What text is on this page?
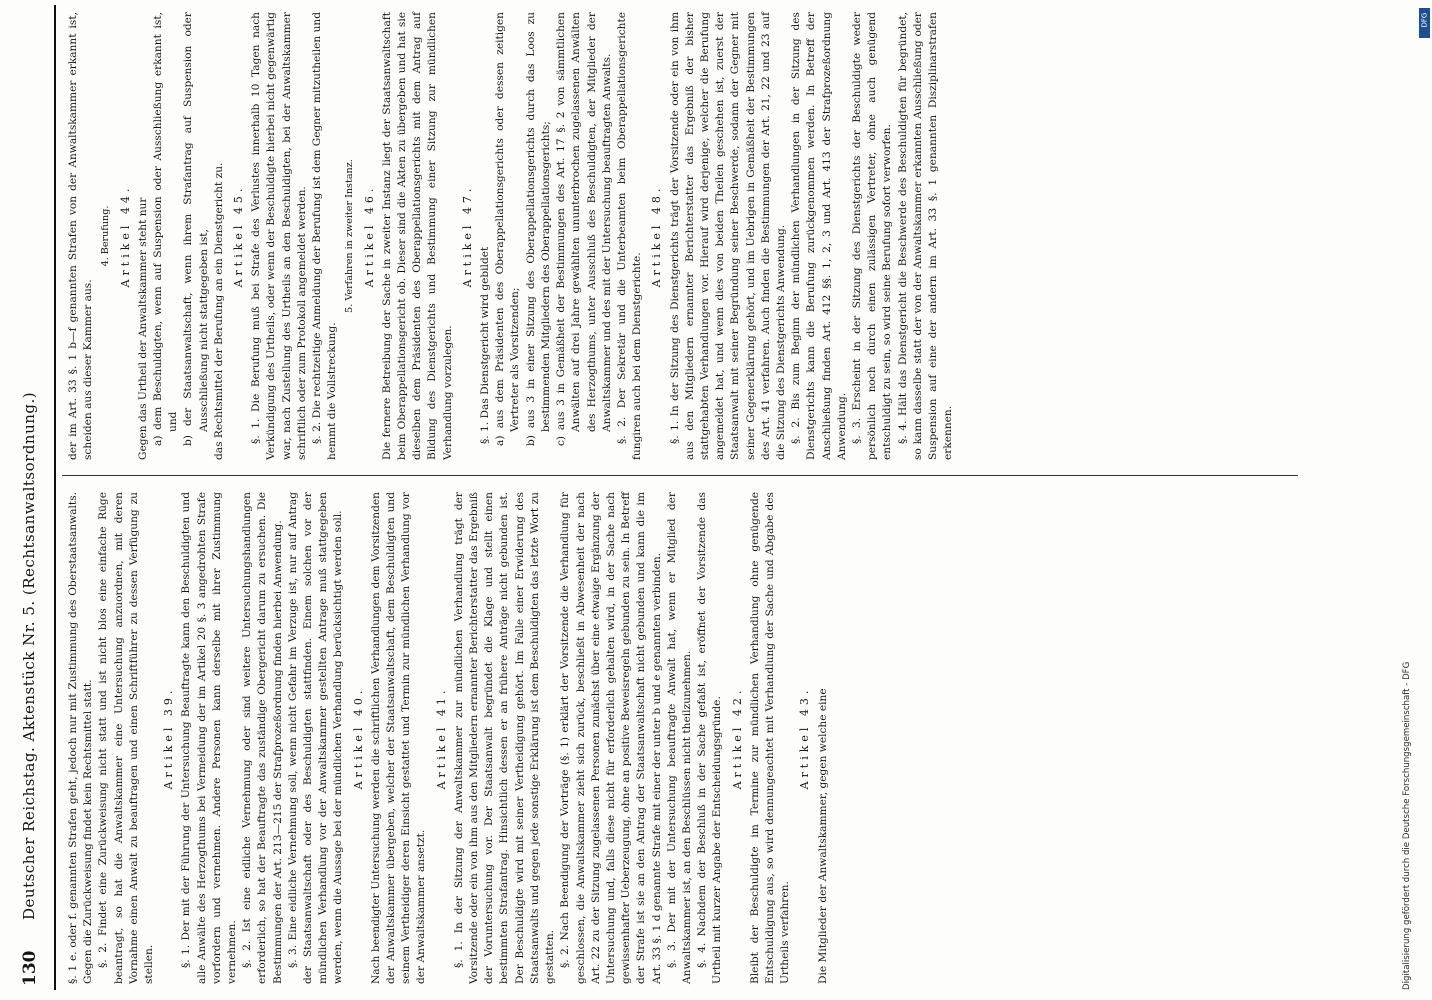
130
Deutscher Reichstag. Aktenstück Nr. 5. (Rechtsanwaltsordnung.)	§. 1 e. oder f. genannten Strafen geht, jedoch nur mit Zustimmung des Oberstaatsanwalts. Gegen die Zurückweisung findet kein Rechtsmittel statt. §. 2. Findet eine Zurückweisung nicht statt und ist nicht blos eine einfache Rüge beantragt, so hat die Anwaltskammer eine Untersuchung anzuordnen, mit deren Vornahme einen Anwalt zu beauftragen und einen Schriftführer zu dessen Verfügung zu stellen.

Artikel 39. §. 1. Der mit der Führung der Untersuchung Beauftragte kann den Beschuldigten und alle Anwälte des Herzogthums bei Vermeidung der im Artikel 20 §. 3 angedrohten Strafe vorfordern und vernehmen. Andere Personen kann derselbe mit ihrer Zustimmung vernehmen. §. 2. Ist eine eidliche Vernehmung oder sind weitere Untersuchungshandlungen erforderlich, so hat der Beauftragte das zuständige Obergericht darum zu ersuchen. Die Bestimmungen der Art. 213—215 der Strafprozeßordnung finden hierbei Anwendung. §. 3. Eine eidliche Vernehmung soll, wenn nicht Gefahr im Verzuge ist, nur auf Antrag der Staatsanwaltschaft oder des Beschuldigten stattfinden. Einem solchen vor der mündlichen Verhandlung vor der Anwaltskammer gestellten Antrage muß stattgegeben werden, wenn die Aussage bei der mündlichen Verhandlung berücksichtigt werden soll. Artikel 40. Nach beendigter Untersuchung werden die schriftlichen Verhandlungen dem Vorsitzenden der Anwaltskammer übergeben, welcher der Staatsanwaltschaft, dem Beschuldigten und seinem Vertheidiger deren Einsicht gestattet und Termin zur mündlichen Verhandlung vor der Anwaltskammer ansetzt.

Artikel 41. §. 1. In der Sitzung der Anwaltskammer zur mündlichen Verhandlung trägt der Vorsitzende oder ein von ihm aus den Mitgliedern ernannter Berichterstatter das Ergebniß der Voruntersuchung vor. Der Staatsanwalt begründet die Klage und stellt einen bestimmten Strafantrag. Hinsichtlich dessen er an frühere Anträge nicht gebunden ist. Der Beschuldigte wird mit seiner Vertheidigung gehört. Im Falle einer Erwiderung des Staatsanwalts und gegen jede sonstige Erklärung ist dem Beschuldigten das letzte Wort zu gestatten. §. 2. Nach Beendigung der Vorträge (§. 1) erklärt der Vorsitzende die Verhandlung für geschlossen, die Anwaltskammer zieht sich zurück, beschließt in Abwesenheit der nach Art. 22 zu der Sitzung zugelassenen Personen zunächst über eine etwaige Ergänzung der Untersuchung und, falls diese nicht für erforderlich gehalten wird, in der Sache nach gewissenhafter Ueberzeugung, ohne an positive Beweisregeln gebunden zu sein. In Betreff der Strafe ist sie an den Antrag der Staatsanwaltschaft nicht gebunden und kann die im Art. 33 §. 1 d genannte Strafe mit einer der unter b und e genannten verbinden. §. 3. Der mit der Untersuchung beauftragte Anwalt hat, wenn er Mitglied der Anwaltskammer ist, an den Beschlüssen nicht theilzunehmen. §. 4. Nachdem der Beschluß in der Sache gefaßt ist, eröffnet der Vorsitzende das Urtheil mit kurzer Angabe der Entscheidungsgründe. Artikel 42. Bleibt der Beschuldigte im Termine zur mündlichen Verhandlung ohne genügende Entschuldigung aus, so wird dennungeachtet mit Verhandlung der Sache und Abgabe des Urtheils verfahren.

Artikel 43. Die Mitglieder der Anwaltskammer, gegen welche eine

der im Art. 33 §. 1 b—f genannten Strafen von der Anwaltskammer erkannt ist, scheiden aus dieser Kammer aus.

4. Berufung. Artikel 44. Gegen das Urtheil der Anwaltskammer steht nur a) dem Beschuldigten, wenn auf Suspension oder Ausschließung erkannt ist, und b) der Staatsanwaltschaft, wenn ihrem Strafantrag auf Suspension oder Ausschließung nicht stattgegeben ist, das Rechtsmittel der Berufung an ein Dienstgericht zu. Artikel 45. §. 1. Die Berufung muß bei Strafe des Verlustes innerhalb 10 Tagen nach Verkündigung des Urtheils, oder wenn der Beschuldigte hierbei nicht gegenwärtig war, nach Zustellung des Urtheils an den Beschuldigten, bei der Anwaltskammer schriftlich oder zum Protokoll angemeldet werden. §. 2. Die rechtzeitige Anmeldung der Berufung ist dem Gegner mitzutheilen und hemmt die Vollstreckung.

5. Verfahren in zweiter Instanz. Artikel 46. Die fernere Betreibung der Sache in zweiter Instanz liegt der Staatsanwaltschaft beim Oberappellationsgericht ob. Dieser sind die Akten zu übergeben und hat sie dieselben dem Präsidenten des Oberappellationsgerichts mit dem Antrag auf Bildung des Dienstgerichts und Bestimmung einer Sitzung zur mündlichen Verhandlung vorzulegen.

Artikel 47.

§. 1. Das Dienstgericht wird gebildet a) aus dem Präsidenten des Oberappellationsgerichts oder dessen zeitigen Vertreter als Vorsitzenden; b) aus 3 in einer Sitzung des Oberappellationsgerichts durch das Loos zu bestimmenden Mitgliedern des Oberappellationsgerichts; c) aus 3 in Gemäßheit der Bestimmungen des Art. 17 §. 2 von sämmtlichen Anwälten auf drei Jahre gewählten ununterbrochen zugelassenen Anwälten des Herzogthums, unter Ausschluß des Beschuldigten, der Mitglieder der Anwaltskammer und des mit der Untersuchung beauftragten Anwalts. §. 2. Der Sekretär und die Unterbeamten beim Oberappellationsgerichte fungiren auch bei dem Dienstgerichte.

Artikel 48. §. 1. In der Sitzung des Dienstgerichts trägt der Vorsitzende oder ein von ihm aus den Mitgliedern ernannter Berichterstatter das Ergebniß der bisher stattgehabten Verhandlungen vor. Hierauf wird derjenige, welcher die Berufung angemeldet hat, und wenn dies von beiden Theilen geschehen ist, zuerst der Staatsanwalt mit seiner Begründung seiner Beschwerde, sodann der Gegner mit seiner Gegenerklärung gehört, und im Uebrigen in Gemäßheit der Bestimmungen des Art. 41 verfahren. Auch finden die Bestimmungen der Art. 21, 22 und 23 auf die Sitzung des Dienstgerichts Anwendung. §. 2. Bis zum Beginn der mündlichen Verhandlungen in der Sitzung des Dienstgerichts kann die Berufung zurückgenommen werden. In Betreff der Anschließung finden Art. 412 §§. 1, 2, 3 und Art. 413 der Strafprozeßordnung Anwendung. §. 3. Erscheint in der Sitzung des Dienstgerichts der Beschuldigte weder persönlich noch durch einen zulässigen Vertreter, ohne auch genügend entschuldigt zu sein, so wird seine Berufung sofort verworfen. §. 4. Hält das Dienstgericht die Beschwerde des Beschuldigten für begründet, so kann dasselbe statt der von der Anwaltskammer erkannten Ausschließung oder Suspension auf eine der andern im Art. 33 §. 1 genannten Disziplinarstrafen erkennen.

Digitalisierung gefördert durch die Deutsche Forschungsgemeinschaft - DFG
DFG
